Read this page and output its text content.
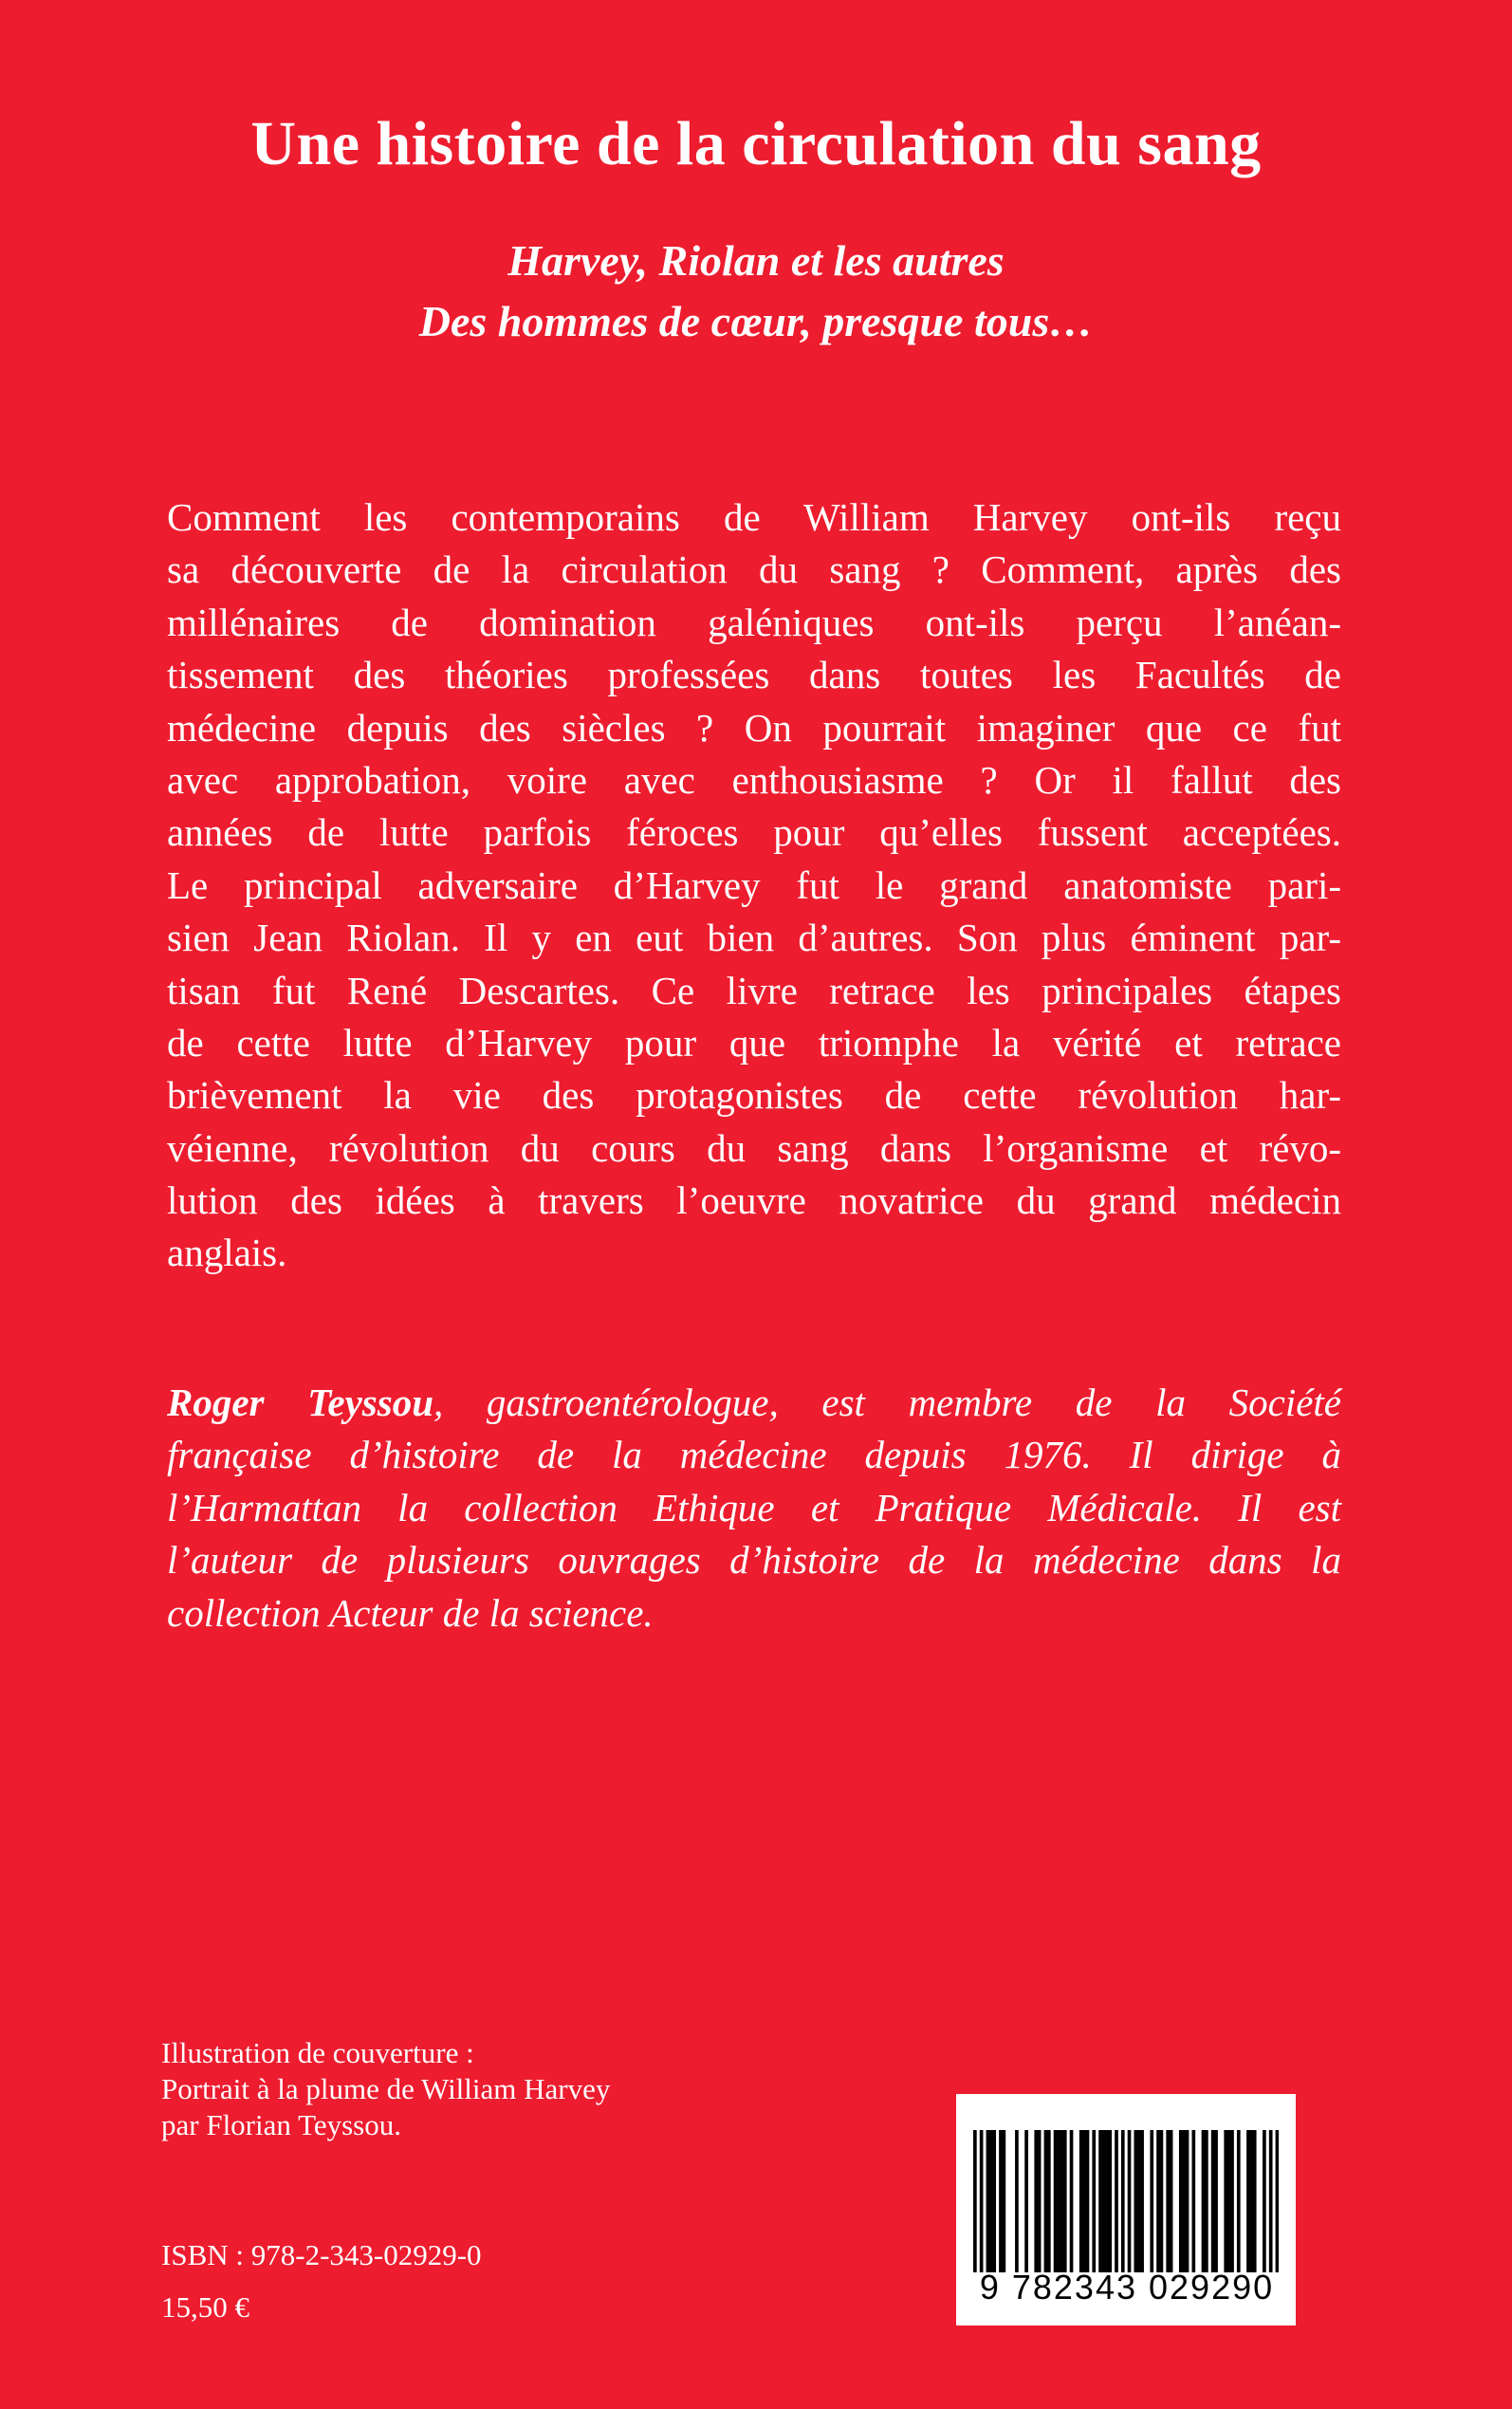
Une histoire de la circulation du sang
Harvey, Riolan et les autres
Des hommes de cœur, presque tous…
Comment les contemporains de William Harvey ont-ils reçu
sa découverte de la circulation du sang ? Comment, après des
millénaires de domination galéniques ont-ils perçu l’anéan-
tissement des théories professées dans toutes les Facultés de
médecine depuis des siècles ? On pourrait imaginer que ce fut
avec approbation, voire avec enthousiasme ? Or il fallut des
années de lutte parfois féroces pour qu’elles fussent acceptées.
Le principal adversaire d’Harvey fut le grand anatomiste pari-
sien Jean Riolan. Il y en eut bien d’autres. Son plus éminent par-
tisan fut René Descartes. Ce livre retrace les principales étapes
de cette lutte d’Harvey pour que triomphe la vérité et retrace
brièvement la vie des protagonistes de cette révolution har-
véienne, révolution du cours du sang dans l’organisme et révo-
lution des idées à travers l’oeuvre novatrice du grand médecin
anglais.
Roger Teyssou, gastroentérologue, est membre de la Société
française d’histoire de la médecine depuis 1976. Il dirige à
l’Harmattan la collection Ethique et Pratique Médicale. Il est
l’auteur de plusieurs ouvrages d’histoire de la médecine dans la
collection Acteur de la science.
Illustration de couverture :
Portrait à la plume de William Harvey
par Florian Teyssou.
ISBN : 978-2-343-02929-0
15,50 €
9 782343 029290
